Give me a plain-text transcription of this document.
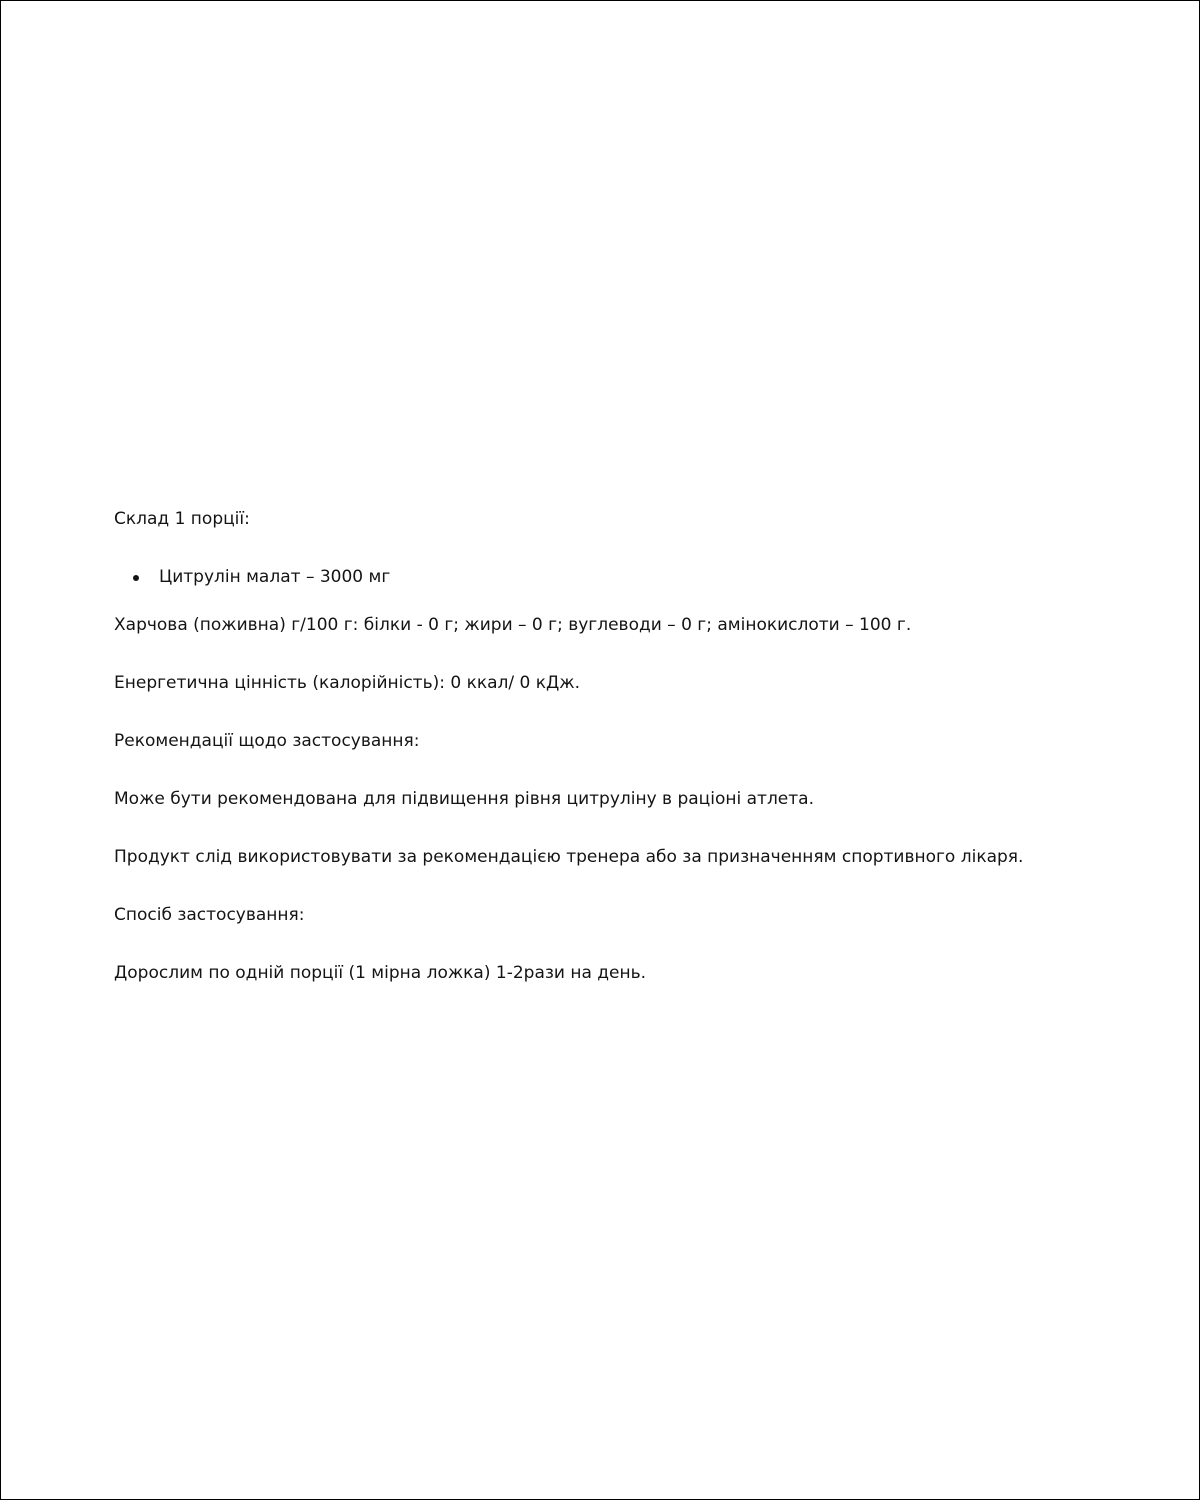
Склад 1 порції:

Цитрулін малат – 3000 мг

Харчова (поживна) г/100 г: білки - 0 г; жири – 0 г; вуглеводи – 0 г; амінокислоти – 100 г.

Енергетична цінність (калорійність): 0 ккал/ 0 кДж.

Рекомендації щодо застосування:

Може бути рекомендована для підвищення рівня цитруліну в раціоні атлета.

Продукт слід використовувати за рекомендацією тренера або за призначенням спортивного лікаря.

Спосіб застосування:

Дорослим по одній порції (1 мірна ложка) 1-2рази на день.
